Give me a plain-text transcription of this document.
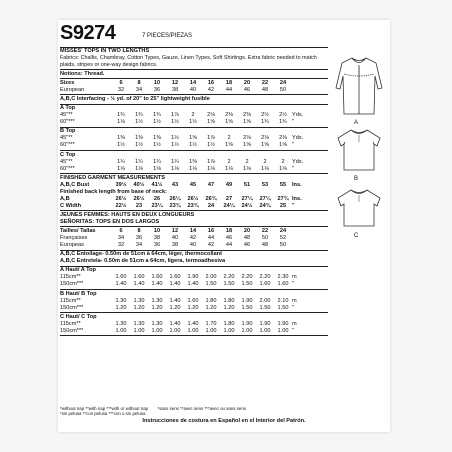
S9274	7 PIECES/PIEZAS
MISSES' TOPS IN TWO LENGTHS
Fabrics: Challis, Chambray, Cotton Types, Gauze, Linen Types, Soft Shirtings. Extra fabric needed to match plaids, stripes or one-way design fabrics.
Notions: Thread.
Sizes	6	8	10	12	14	16	18	20	22	24
European	32	34	36	38	40	42	44	46	48	50
A,B,C Interfacing - ½ yd. of 20" to 25" lightweight fusible
A Top
45"**	1¾	1¾	1¾	1⅞	2	2⅛	2⅜	2⅜	2½	2½ Yds.
60"***	1⅛	1½	1½	1½	1½	1⅝	1⅝	1⅝	1¾	1¾ "
B Top
45"**	1⅜	1⅜	1⅜	1½	1⅝	1⅞	2	2⅛	2⅛	2⅛ Yds.
60"***	1½	1½	1½	1½	1½	1½	1⅝	1⅝	1⅝	1⅝ "
C Top
45"**	1¼	1¼	1¼	1¼	1⅜	1⅞	2	2	2	2	Yds.
60"***	1⅛	1⅛	1⅛	1⅛	1⅛	1⅛	1⅛	1⅛	1⅛	1⅛ "
FINISHED GARMENT MEASUREMENTS
A,B,C Bust	39½ 40½ 41½	43	45	47	49	51	53	55	Ins.
Finished back length from base of neck:
A,B	26½ 26½	26	26¼ 26½ 26¾	27	27¼ 27¼ 27¾ Ins.
C Width	22½	23	23¼ 23¾ 23¾	24	24¼ 24½ 24¾	25	"
JEUNES FEMMES: HAUTS EN DEUX LONGUEURS
SEÑORITAS: TOPS EN DOS LARGOS
Tailles/ Tallas	6	8	10	12	14	16	18	20	22	24
Françaises	34	36	38	40	42	44	46	48	50	52
Europeas	32	34	36	38	40	42	44	46	48	50
A,B,C Entoilage- 0.50m de 51cm à 64cm, léger, thermocollant
A,B,C Entretela- 0.50m de 51cm a 64cm, ligera, termoadhesiva
A Haut/ A Top
115cm**	1.60 1.60 1.60 1.60 1.90 2.00 2.20 2.20 2.20 2.30 m
150cm***	1.40 1.40 1.40 1.40 1.40 1.50 1.50 1.50 1.60 1.60 "
B Haut/ B Top
115cm**	1.30 1.30 1.30 1.40 1.60 1.80 1.80 1.90 2.00 2.10 m
150cm***	1.20 1.20 1.20 1.20 1.20 1.20 1.20 1.50 1.50 1.50 "
C Haut/ C Top
115cm**	1.30 1.30 1.30 1.40 1.40 1.70 1.80 1.90 1.90 1.90 m
150cm***	1.00 1.00 1.00 1.00 1.00 1.00 1.00 1.00 1.00 1.00 "
A
B
C
*without nap **with nap ***with or without nap *sans sens **avec sens ***avec ou sans sens
*sin pelusa **con pelusa ***con o sin pelusa
Instrucciones de costura en Español en el Interior del Patrón.
